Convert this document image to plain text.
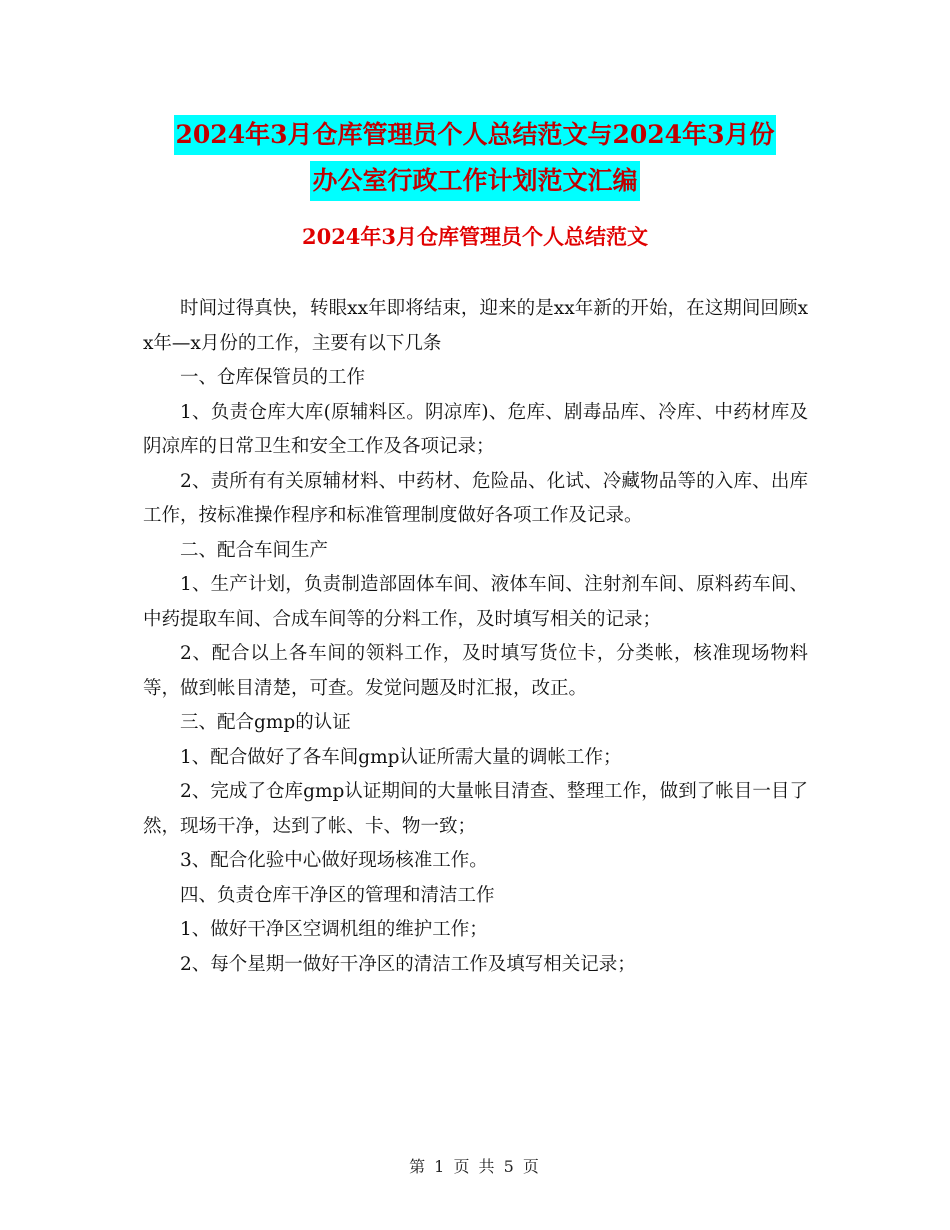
2024年3月仓库管理员个人总结范文与2024年3月份
办公室行政工作计划范文汇编
2024年3月仓库管理员个人总结范文

时间过得真快，转眼xx年即将结束，迎来的是xx年新的开始，在这期间回顾xx年—x月份的工作，主要有以下几条

一、仓库保管员的工作

1、负责仓库大库(原辅料区。阴凉库)、危库、剧毒品库、冷库、中药材库及阴凉库的日常卫生和安全工作及各项记录；

2、责所有有关原辅材料、中药材、危险品、化试、冷藏物品等的入库、出库工作，按标准操作程序和标准管理制度做好各项工作及记录。

二、配合车间生产

1、生产计划，负责制造部固体车间、液体车间、注射剂车间、原料药车间、中药提取车间、合成车间等的分料工作，及时填写相关的记录；

2、配合以上各车间的领料工作，及时填写货位卡，分类帐，核准现场物料等，做到帐目清楚，可查。发觉问题及时汇报，改正。

三、配合gmp的认证

1、配合做好了各车间gmp认证所需大量的调帐工作；

2、完成了仓库gmp认证期间的大量帐目清查、整理工作，做到了帐目一目了然，现场干净，达到了帐、卡、物一致；

3、配合化验中心做好现场核准工作。

四、负责仓库干净区的管理和清洁工作

1、做好干净区空调机组的维护工作；

2、每个星期一做好干净区的清洁工作及填写相关记录；

第 1 页 共 5 页
